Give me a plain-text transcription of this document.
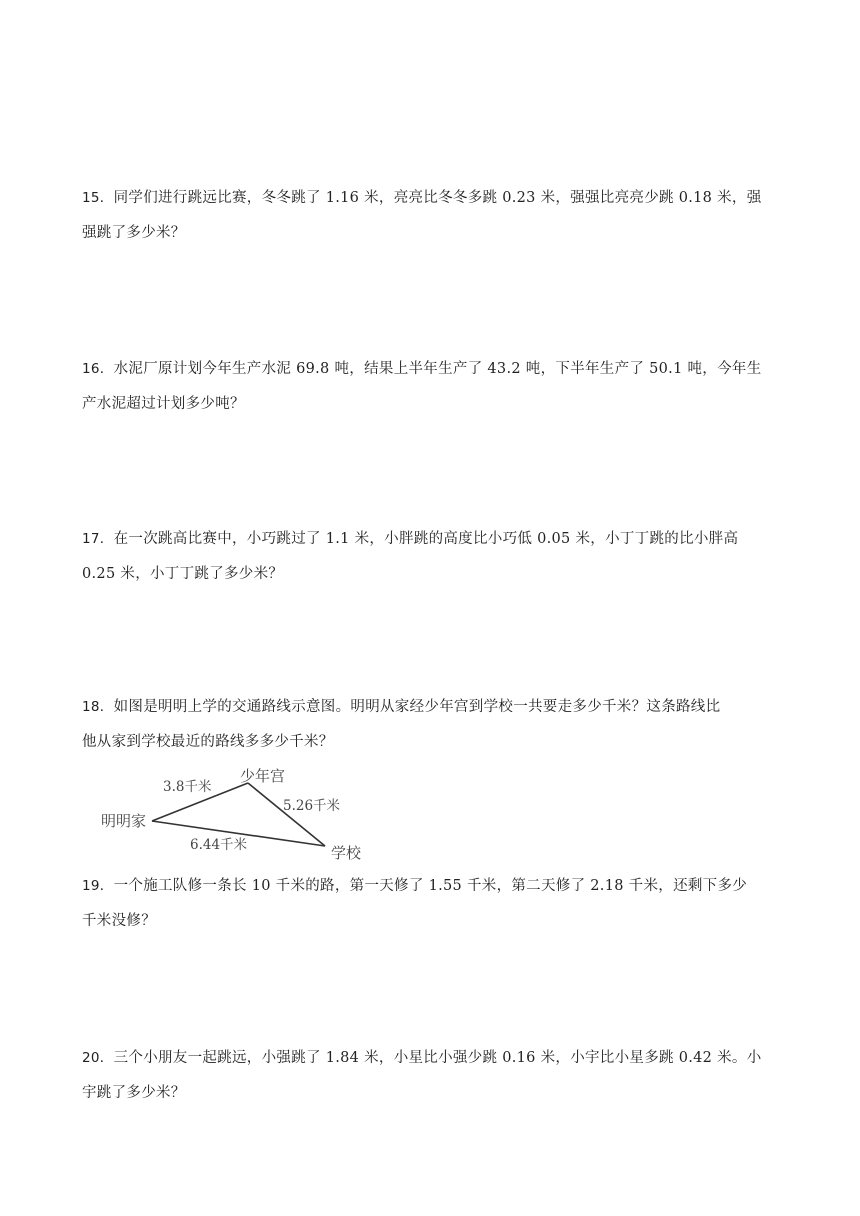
15．同学们进行跳远比赛，冬冬跳了 1.16 米，亮亮比冬冬多跳 0.23 米，强强比亮亮少跳 0.18 米，强

强跳了多少米？

16．水泥厂原计划今年生产水泥 69.8 吨，结果上半年生产了 43.2 吨，下半年生产了 50.1 吨，今年生

产水泥超过计划多少吨？

17．在一次跳高比赛中，小巧跳过了 1.1 米，小胖跳的高度比小巧低 0.05 米，小丁丁跳的比小胖高

0.25 米，小丁丁跳了多少米？

18．如图是明明上学的交通路线示意图。明明从家经少年宫到学校一共要走多少千米？这条路线比

他从家到学校最近的路线多多少千米？

明明家
少年宫
学校
3.8千米
5.26千米
6.44千米

19．一个施工队修一条长 10 千米的路，第一天修了 1.55 千米，第二天修了 2.18 千米，还剩下多少

千米没修？

20．三个小朋友一起跳远，小强跳了 1.84 米，小星比小强少跳 0.16 米，小宇比小星多跳 0.42 米。小

宇跳了多少米？
